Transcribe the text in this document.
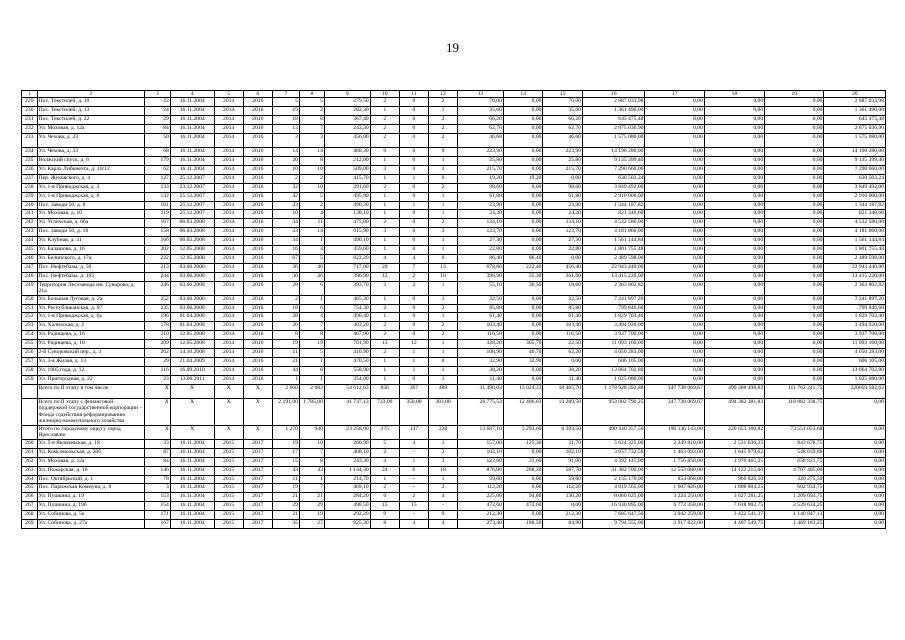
19
1	2	3	4	5	6	7	8	9	10	11	12	13	14	15	16	17	18	19	20
229	Пос. Текстилей, д. 10	22	16.11.2004	2014	2016	5	5	279,50	2	0	2	70,00	0,00	70,00	2 887 033,98	0,00	0,00	0,00	2 887 033,98
230	Пос. Текстилей, д. 13	24	16.11.2004	2014	2016	19	2	282,30	1	0	1	35,60	0,00	35,60	1 361 490,00	0,00	0,00	0,00	1 361 490,00
231	Пос. Текстилей, д. 22	29	16.11.2004	2014	2016	18	8	367,40	2	0	2	66,20	0,00	66,20	645 475,48	0,00	0,00	0,00	645 475,48
232	Ул. Моховая, д. 12а	84	16.11.2004	2014	2016	13	7	243,30	2	0	2	62,70	0,00	62,70	2 875 036,90	0,00	0,00	0,00	2 875 036,90
233	Ул. Чехова, д. 23	50	16.11.2004	2014	2016	3	3	456,00	2	0	2	46,60	0,00	46,60	1 575 080,00	0,00	0,00	0,00	1 575 080,00
234	Ул. Чехова, д. 33	68	16.11.2004	2014	2016	14	14	468,30	9	0	9	223,90	0,00	223,90	14 196 280,00	0,00	0,00	0,00	14 196 280,00
235	Волжский спуск, д. 6	179	16.11.2004	2014	2016	20	8	212,00	1	0	1	25,80	0,00	25,80	9 135 399,40	0,00	0,00	0,00	9 135 399,40
236	Ул. Карла Либкнехта, д. 10/12	62	16.11.2004	2014	2016	10	10	509,00	3	0	3	215,70	0,00	215,70	7 290 660,00	0,00	0,00	0,00	7 290 660,00
237	Пер. Жуковского, д. 4	127	25.12.2007	2014	2016	2	2	415,70	1	1	0	19,20	19,20	0,00	630 503,24	0,00	0,00	0,00	630 503,24
238	Ул. 1-я Приводжская, д. 3	133	23.12.2007	2014	2016	32	10	391,60	2	0	2	98,60	0,00	98,60	3 849 492,00	0,00	0,00	0,00	3 849 492,00
239	Ул. 1-я Приводжская, д. 8	132	25.12.2007	2014	2016	42	5	495,90	1	0	1	61,80	0,00	61,80	2 910 000,00	0,00	0,00	0,00	2 910 000,00
240	Пос. Заводи 50, д. 8	101	25.12.2007	2014	2016	33	2	490,30	1	1	1	23,90	0,00	23,90	1 344 187,82	0,00	0,00	0,00	1 344 187,82
241	Ул. Моховая, д. 10	119	25.12.2007	2014	2016	10	4	138,10	1	0	1	24,30	0,00	24,30	821 340,60	0,00	0,00	0,00	821 340,60
242	Ул. Угличская, д. 6ба	167	06.03.2008	2014	2016	34	11	475,80	2	0	2	134,10	0,00	134,10	4 532 580,00	0,00	0,00	0,00	4 532 580,00
243	Пос. Заводи 50, д. 10	158	06.03.2008	2014	2016	33	14	615,90	3	0	3	123,70	0,00	123,70	4 181 060,00	0,00	0,00	0,00	4 181 060,00
244	Ул. Клубная, д. 31	166	06.03.2008	2014	2016	34	1	490,10	1	0	1	27,30	0,00	27,30	1 561 144,84	0,00	0,00	0,00	1 561 144,84
245	Ул. Балашова, д. 16	202	12.05.2008	2014	2016	16	4	459,60	1	0	1	22,80	0,00	22,80	1 801 755,48	0,00	0,00	0,00	1 801 755,48
246	Ул. Белинского, д. 17а	222	12.05.2008	2014	2016	67	5	822,20	4	4	0	86,40	86,40	0,00	2 489 598,00	0,00	0,00	0,00	2 489 598,00
247	Пос. Нефтебазы, д. 50	213	03.06.2008	2014	2016	36	46	717,00	20	7	13	678,80	222,40	456,40	22 943 440,00	0,00	0,00	0,00	22 943 440,00
248	Пос. Нефтебазы, д. 165	244	03.06.2008	2014	2016	36	36	396,90	12	2	10	396,90	35,30	361,60	13 415 220,00	0,00	0,00	0,00	13 415 220,00
249	Территория Лесозавода им. Суворова, д. 21а	246	03.06.2008	2014	2016	28	6	393,70	3	2	1	55,10	36,50	18,60	2 363 802,82	0,00	0,00	0,00	2 363 802,82
250	Ул. Большая Луговая, д. 2а	252	03.06.2008	2014	2016	2	1	465,30	1	0	1	32,50	0,00	32,50	7 241 897,20	0,00	0,00	0,00	7 241 897,20
251	Ул. Республиканская, д. 97	235	03.06.2008	2014	2016	18	6	754,30	2	0	2	85,80	0,00	85,80	799 846,60	0,00	0,00	0,00	799 846,60
252	Ул. 1-я Приводжская, д. 6а	196	01.04.2008	2014	2016	28	4	490,40	1	0	1	61,40	0,00	61,40	1 829 703,40	0,00	0,00	0,00	1 829 703,40
253	Ул. Халилская, д. 2	178	01.04.2008	2014	2016	26	7	403,20	2	0	2	103,40	0,00	103,40	3 494 920,00	0,00	0,00	0,00	3 494 920,00
254	Ул. Радищева, д. 16	210	12.05.2008	2014	2016	8	8	467,90	2	0	2	116,50	0,00	116,50	3 937 700,00	0,00	0,00	0,00	3 937 700,00
255	Ул. Радищева, д. 10	209	12.05.2008	2014	2016	19	19	701,90	13	12	1	328,20	305,70	22,50	11 093 160,00	0,00	0,00	0,00	11 093 160,00
256	2-й Суворовский пер., д. 3	262	14.10.2008	2014	2016	11	5	410,90	2	1	1	108,90	46,70	62,20	4 050 283,00	0,00	0,00	0,00	4 050 283,00
257	Ул. 3-я Жилая, д. 13	29	21.04.2009	2014	2016	21	1	470,50	1	1	0	32,90	32,90	0,00	606 105,00	0,00	0,00	0,00	606 105,00
258	Ул. 1905 года, д. 12	116	16.09.2010	2014	2016	44	6	558,90	1	1	1	38,20	0,00	38,20	13 664 702,80	0,00	0,00	0,00	13 664 702,80
259	Ул. Пригородная, д. 22	23	13.06.2011	2014	2016	1	1	354,00	1	0	1	11,40	0,00	11,40	1 025 080,00	0,00	0,00	0,00	1 025 080,00
	Всего по II этапу в том числе:	X	X	X	X	2 660	2 083	54 612,63	856	367	489	31 490,03	13 024,33	18 465,70	1 178 928 392,88	347 738 069,67	499 368 498,83	111 762 241,75	220059 582,63
	Всего по II этапу с финансовой поддержкой государственной корпорации – Фонда содействия реформированию жилищно-коммунального хозяйства	X	X	X	X	2 191,00	1 785,00	41 737,13	733,00	350,00	383,00	26 775,53	12 486,03	14 289,50	953 002 790,25	347 738 069,67	494 382 381,83	110 882 338,75	0,00
	Итого по городскому округу город Ярославлю	X	X	X	X	1 270	940	23 258,00	375	147	228	13 687,10	5 293,60	8 393,50	490 340 357,50	196 136 143,00	220 653 160,82	73 551 053,68	0,00
260	Ул. 5-я Яковлевская, д. 18	33	16.11.2004	2015	2017	19	10	260,90	5	4	1	157,00	125,30	31,70	5 624 325,00	2 249 810,00	2 531 036,25	843 678,75	0,00
261	Ул. Комсомольская, д. 20б	87	16.11.2004	2015	2017	17	7	408,10	2	-	2	102,10	0,00	102,10	3 657 732,50	1 463 093,00	1 645 979,62	548 659,88	0,00
262	Ул. Моховая, д. 12а	84	16.11.2004	2015	2017	15	8	243,30	4	1	3	122,60	31,60	91,00	4 392 145,00	1 756 858,00	1 976 465,25	658 821,75	0,00
263	Ул. Пожарская, д. 16	146	16.11.2004	2015	2017	43	43	1 144,30	24	6	18	876,00	288,30	587,70	31 382 700,00	12 553 080,00	14 122 215,00	4 707 405,00	0,00
264	Пос. Октябрьский, д. 1	78	16.11.2004	2015	2017	11	1	214,70	1	-	1	59,60	0,00	59,60	2 135 170,00	854 068,00	960 826,50	320 275,50	0,00
265	Пос. Парижская Коммуна, д. 8	3	16.11.2004	2015	2017	19	7	469,10	2	-	2	112,20	0,00	112,20	4 019 565,00	1 607 826,00	1 808 804,25	602 934,75	0,00
266	Ул. Пушкина, д. 19	153	16.11.2004	2015	2017	21	21	284,20	6	2	4	225,00	94,80	130,20	8 060 625,00	3 224 250,00	3 627 281,25	1 209 093,75	0,00
267	Ул. Пушкина, д. 19б	154	16.11.2004	2015	2017	29	29	498,50	15	15	-	472,60	472,60	0,00	16 930 895,00	6 772 358,00	7 618 902,75	2 539 634,25	0,00
268	Ул. Собинова, д. 5к	171	16.11.2004	2015	2017	21	19	292,20	9	-	9	212,30	0,00	212,30	7 605 647,50	3 042 259,00	3 422 541,37	1 140 847,13	0,00
269	Ул. Собинова, д. 27а	167	16.11.2004	2015	2017	35	27	825,30	8	4	4	273,40	188,50	84,90	9 794 555,00	3 917 822,00	4 407 549,75	1 469 183,25	0,00
